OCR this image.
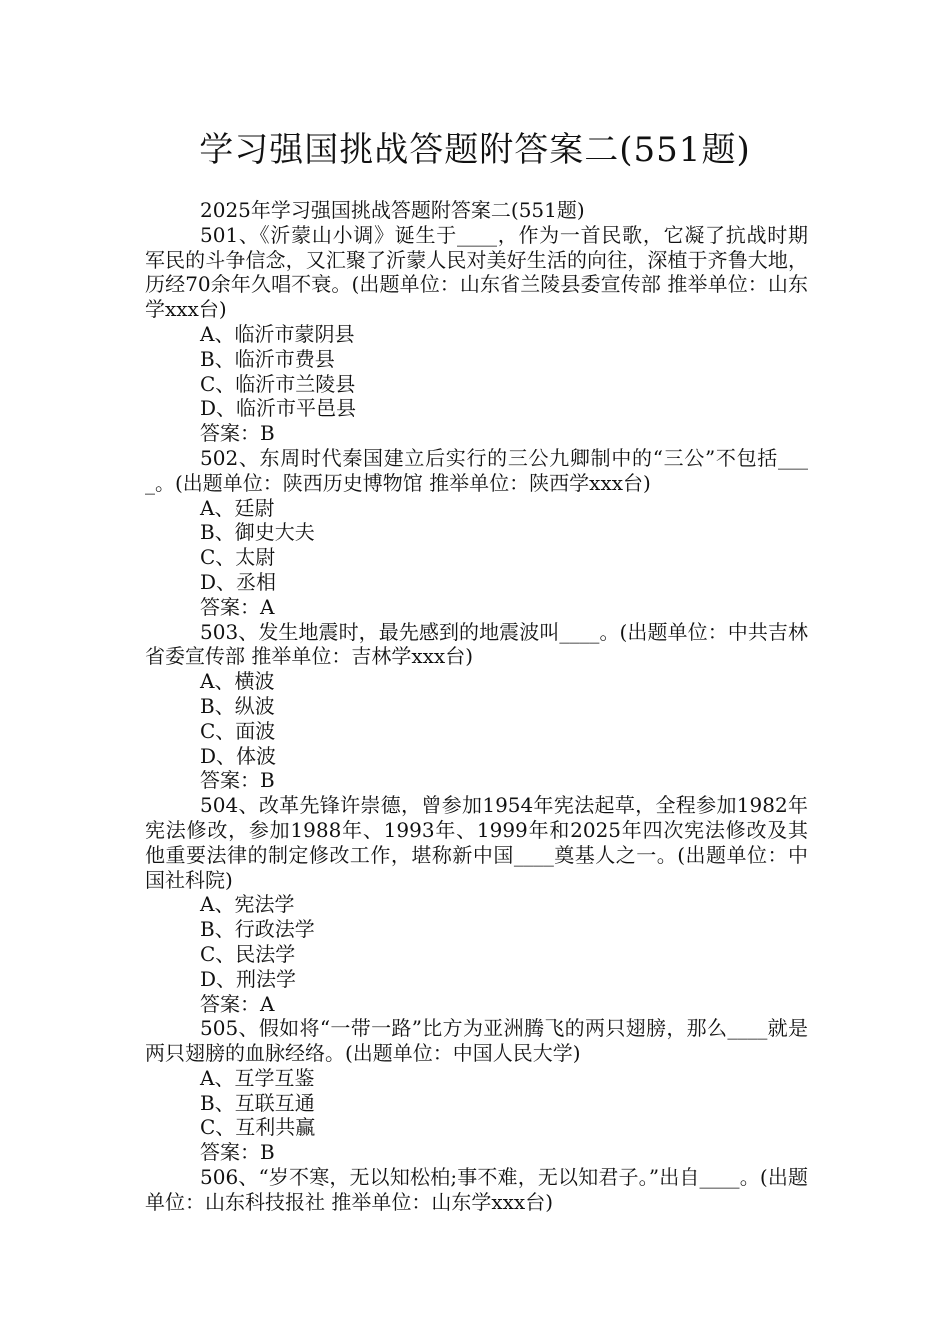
学习强国挑战答题附答案二(551题)

2025年学习强国挑战答题附答案二(551题)

501、《沂蒙山小调》诞生于____，作为一首民歌，它凝了抗战时期军民的斗争信念，又汇聚了沂蒙人民对美好生活的向往，深植于齐鲁大地，历经70余年久唱不衰。(出题单位：山东省兰陵县委宣传部 推举单位：山东学xxx台)

A、临沂市蒙阴县

B、临沂市费县

C、临沂市兰陵县

D、临沂市平邑县

答案：B

502、东周时代秦国建立后实行的三公九卿制中的“三公”不包括____。(出题单位：陕西历史博物馆 推举单位：陕西学xxx台)

A、廷尉

B、御史大夫

C、太尉

D、丞相

答案：A

503、发生地震时，最先感到的地震波叫____。(出题单位：中共吉林省委宣传部 推举单位：吉林学xxx台)

A、横波

B、纵波

C、面波

D、体波

答案：B

504、改革先锋许崇德，曾参加1954年宪法起草，全程参加1982年宪法修改，参加1988年、1993年、1999年和2025年四次宪法修改及其他重要法律的制定修改工作，堪称新中国____奠基人之一。(出题单位：中国社科院)

A、宪法学

B、行政法学

C、民法学

D、刑法学

答案：A

505、假如将“一带一路”比方为亚洲腾飞的两只翅膀，那么____就是两只翅膀的血脉经络。(出题单位：中国人民大学)

A、互学互鉴

B、互联互通

C、互利共赢

答案：B

506、“岁不寒，无以知松柏;事不难，无以知君子。”出自____。(出题单位：山东科技报社 推举单位：山东学xxx台)
